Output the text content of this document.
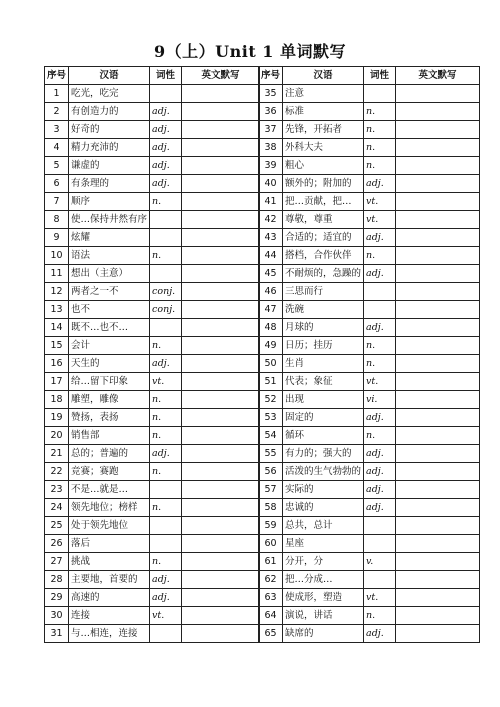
9（上）Unit 1 单词默写
序号	汉语	词性	英文默写
1	吃光，吃完		
2	有创造力的	adj.	
3	好奇的	adj.	
4	精力充沛的	adj.	
5	谦虚的	adj.	
6	有条理的	adj.	
7	顺序	n.	
8	使…保持井然有序		
9	炫耀		
10	语法	n.	
11	想出（主意）		
12	两者之一不	conj.	
13	也不	conj.	
14	既不…也不…		
15	会计	n.	
16	天生的	adj.	
17	给…留下印象	vt.	
18	雕塑，雕像	n.	
19	赞扬，表扬	n.	
20	销售部	n.	
21	总的；普遍的	adj.	
22	竞赛；赛跑	n.	
23	不是…就是…		
24	领先地位；榜样	n.	
25	处于领先地位		
26	落后		
27	挑战	n.	
28	主要地，首要的	adj.	
29	高速的	adj.	
30	连接	vt.	
31	与…相连，连接		
序号	汉语	词性	英文默写
35	注意		
36	标准	n.	
37	先锋，开拓者	n.	
38	外科大夫	n.	
39	粗心	n.	
40	额外的；附加的	adj.	
41	把…贡献，把…	vt.	
42	尊敬，尊重	vt.	
43	合适的；适宜的	adj.	
44	搭档，合作伙伴	n.	
45	不耐烦的，急躁的	adj.	
46	三思而行		
47	洗碗		
48	月球的	adj.	
49	日历；挂历	n.	
50	生肖	n.	
51	代表；象征	vt.	
52	出现	vi.	
53	固定的	adj.	
54	循环	n.	
55	有力的；强大的	adj.	
56	活泼的生气勃勃的	adj.	
57	实际的	adj.	
58	忠诚的	adj.	
59	总共，总计		
60	星座		
61	分开，分	v.	
62	把…分成…		
63	使成形，塑造	vt.	
64	演说，讲话	n.	
65	缺席的	adj.	
